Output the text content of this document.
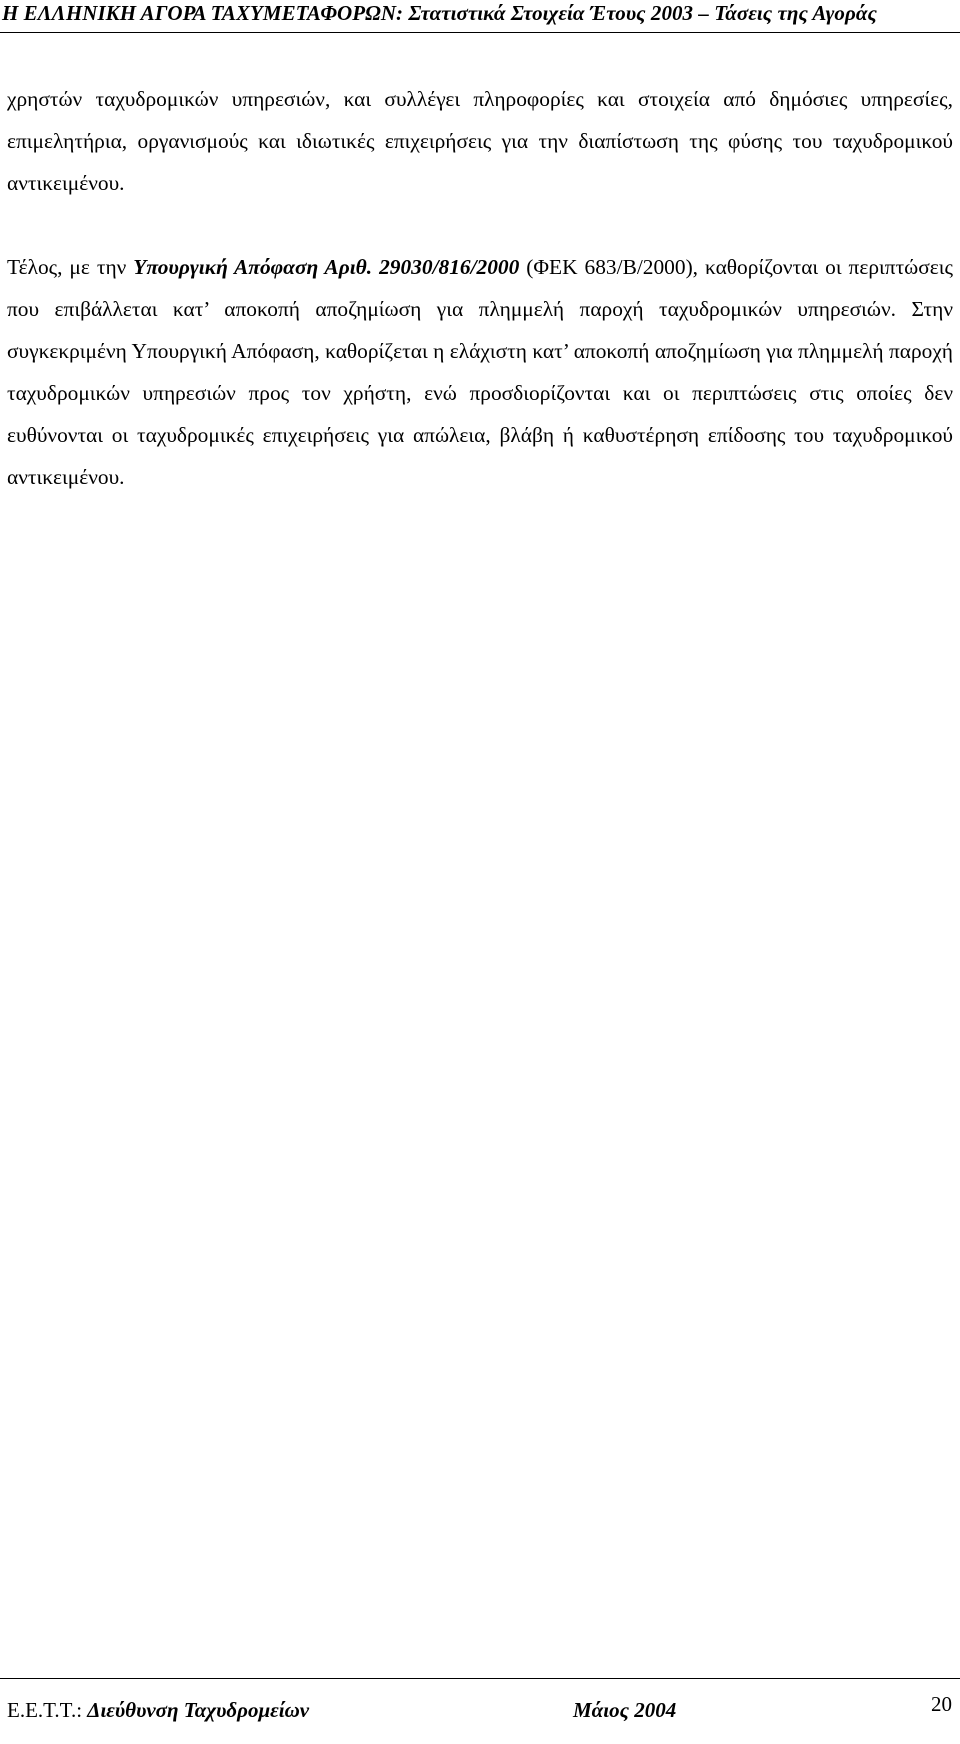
Η ΕΛΛΗΝΙΚΗ ΑΓΟΡΑ ΤΑΧΥΜΕΤΑΦΟΡΩΝ: Στατιστικά Στοιχεία Έτους 2003 – Τάσεις της Αγοράς

χρηστών ταχυδρομικών υπηρεσιών, και συλλέγει πληροφορίες και στοιχεία από δημόσιες υπηρεσίες, επιμελητήρια, οργανισμούς και ιδιωτικές επιχειρήσεις για την διαπίστωση της φύσης του ταχυδρομικού αντικειμένου.

Τέλος, με την Υπουργική Απόφαση Αριθ. 29030/816/2000 (ΦΕΚ 683/Β/2000), καθορίζονται οι περιπτώσεις που επιβάλλεται κατ’ αποκοπή αποζημίωση για πλημμελή παροχή ταχυδρομικών υπηρεσιών. Στην συγκεκριμένη Υπουργική Απόφαση, καθορίζεται η ελάχιστη κατ’ αποκοπή αποζημίωση για πλημμελή παροχή ταχυδρομικών υπηρεσιών προς τον χρήστη, ενώ προσδιορίζονται και οι περιπτώσεις στις οποίες δεν ευθύνονται οι ταχυδρομικές επιχειρήσεις για απώλεια, βλάβη ή καθυστέρηση επίδοσης του ταχυδρομικού αντικειμένου.

Ε.Ε.Τ.Τ.: Διεύθυνση Ταχυδρομείων	Μάιος 2004	20
